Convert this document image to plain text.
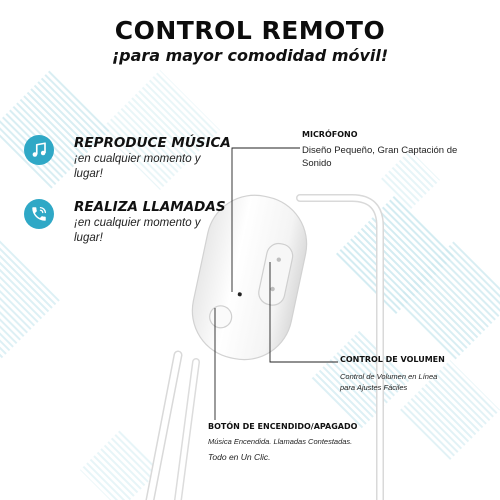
CONTROL REMOTO
¡para mayor comodidad móvil!
REPRODUCE MÚSICA
¡en cualquier momento y
lugar!
REALIZA LLAMADAS
¡en cualquier momento y
lugar!
MICRÓFONO
Diseño Pequeño, Gran Captación de
Sonido
CONTROL DE VOLUMEN
Control de Volumen en Línea
para Ajustes Fáciles
BOTÓN DE ENCENDIDO/APAGADO
Música Encendida. Llamadas Contestadas.
Todo en Un Clic.
